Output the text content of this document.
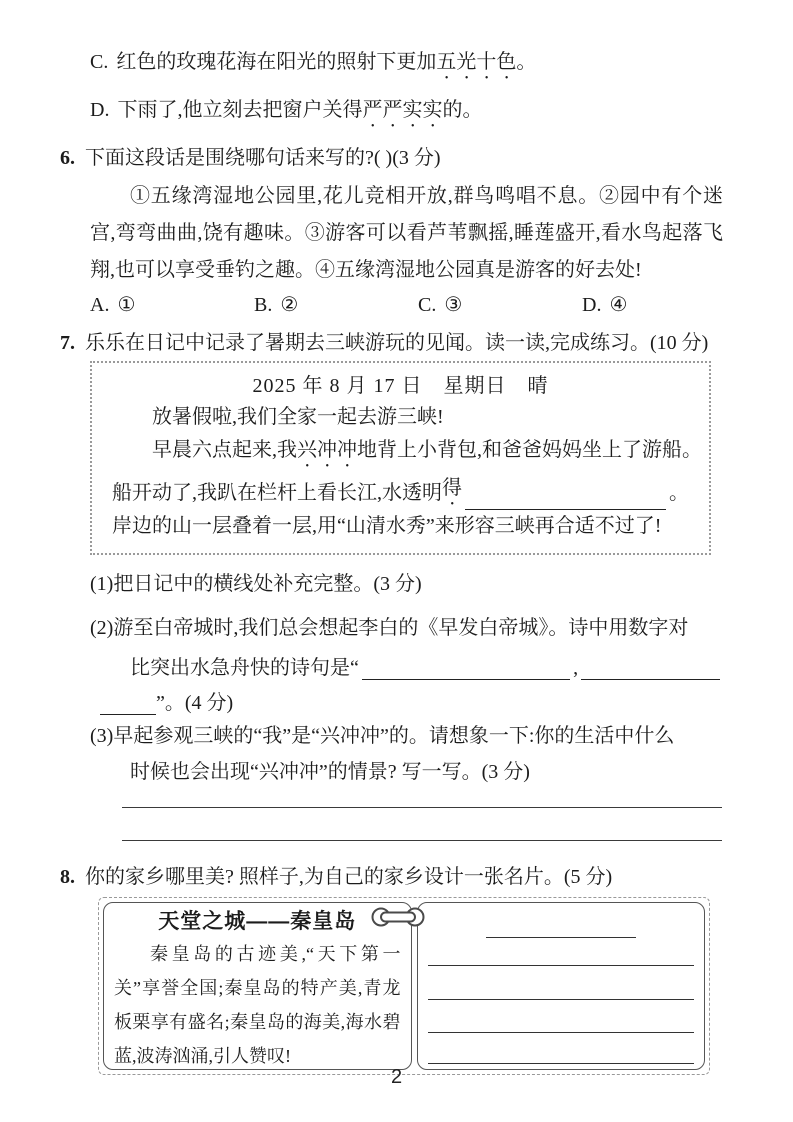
C. 红色的玫瑰花海在阳光的照射下更加五光十色。
D. 下雨了,他立刻去把窗户关得严严实实的。
6. 下面这段话是围绕哪句话来写的?( )(3 分)
①五缘湾湿地公园里,花儿竞相开放,群鸟鸣唱不息。②园中有个迷宫,弯弯曲曲,饶有趣味。③游客可以看芦苇飘摇,睡莲盛开,看水鸟起落飞翔,也可以享受垂钓之趣。④五缘湾湿地公园真是游客的好去处!
A. ①	B. ②	C. ③	D. ④
7. 乐乐在日记中记录了暑期去三峡游玩的见闻。读一读,完成练习。(10 分)
2025 年 8 月 17 日　星期日　晴
放暑假啦,我们全家一起去游三峡!
早晨六点起来,我兴冲冲地背上小背包,和爸爸妈妈坐上了游船。
船开动了,我趴在栏杆上看长江,水透明 得	。
岸边的山一层叠着一层,用“山清水秀”来形容三峡再合适不过了!
(1)把日记中的横线处补充完整。(3 分)
(2)游至白帝城时,我们总会想起李白的《早发白帝城》。诗中用数字对
比突出水急舟快的诗句是“	,
”。(4 分)
(3)早起参观三峡的“我”是“兴冲冲”的。请想象一下:你的生活中什么
时候也会出现“兴冲冲”的情景? 写一写。(3 分)
8. 你的家乡哪里美? 照样子,为自己的家乡设计一张名片。(5 分)
天堂之城——秦皇岛
秦皇岛的古迹美,“天下第一关”享誉全国;秦皇岛的特产美,青龙板栗享有盛名;秦皇岛的海美,海水碧蓝,波涛汹涌,引人赞叹!
2
